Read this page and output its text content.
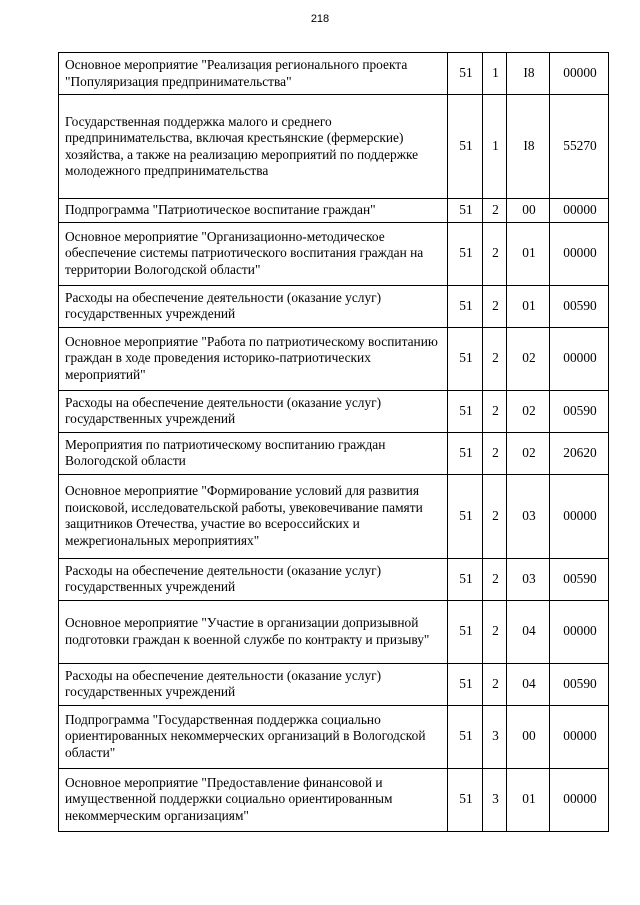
218
Основное мероприятие "Реализация регионального проекта "Популяризация предпринимательства"	51	1	I8	00000
Государственная поддержка малого и среднего предпринимательства, включая крестьянские (фермерские) хозяйства, а также на реализацию мероприятий по поддержке молодежного предпринимательства	51	1	I8	55270
Подпрограмма "Патриотическое воспитание граждан"	51	2	00	00000
Основное мероприятие "Организационно-методическое обеспечение системы патриотического воспитания граждан на территории Вологодской области"	51	2	01	00000
Расходы на обеспечение деятельности (оказание услуг) государственных учреждений	51	2	01	00590
Основное мероприятие "Работа по патриотическому воспитанию граждан в ходе проведения историко-патриотических мероприятий"	51	2	02	00000
Расходы на обеспечение деятельности (оказание услуг) государственных учреждений	51	2	02	00590
Мероприятия по патриотическому воспитанию граждан Вологодской области	51	2	02	20620
Основное мероприятие "Формирование условий для развития поисковой, исследовательской работы, увековечивание памяти защитников Отечества, участие во всероссийских и межрегиональных мероприятиях"	51	2	03	00000
Расходы на обеспечение деятельности (оказание услуг) государственных учреждений	51	2	03	00590
Основное мероприятие "Участие в организации допризывной подготовки граждан к военной службе по контракту и призыву"	51	2	04	00000
Расходы на обеспечение деятельности (оказание услуг) государственных учреждений	51	2	04	00590
Подпрограмма "Государственная поддержка социально ориентированных некоммерческих организаций в Вологодской области"	51	3	00	00000
Основное мероприятие "Предоставление финансовой и имущественной поддержки социально ориентированным некоммерческим организациям"	51	3	01	00000
